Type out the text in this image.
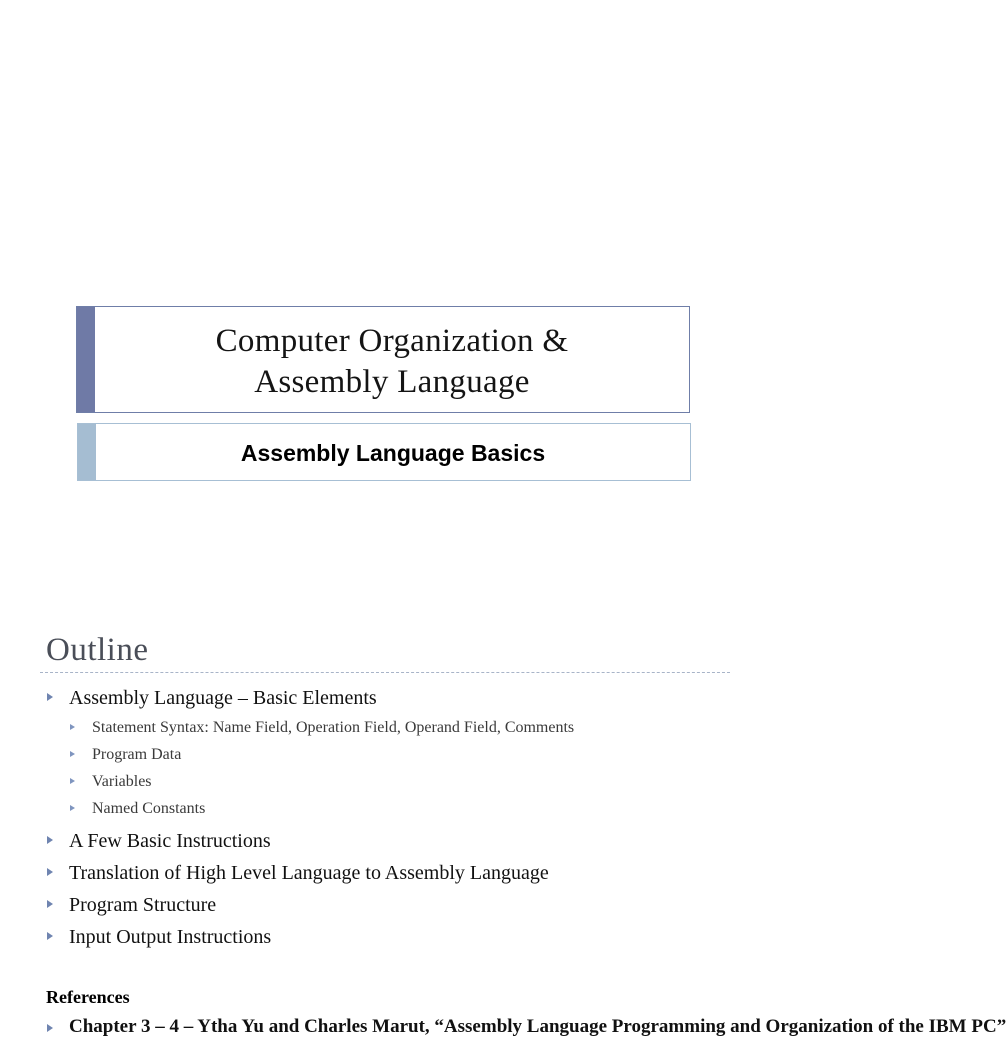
Computer Organization &
Assembly Language
Assembly Language Basics
Outline
Assembly Language – Basic Elements
Statement Syntax: Name Field, Operation Field, Operand Field, Comments
Program Data
Variables
Named Constants
A Few Basic Instructions
Translation of High Level Language to Assembly Language
Program Structure
Input Output Instructions
References
Chapter 3 – 4 – Ytha Yu and Charles Marut, “Assembly Language Programming and Organization of the IBM PC”
